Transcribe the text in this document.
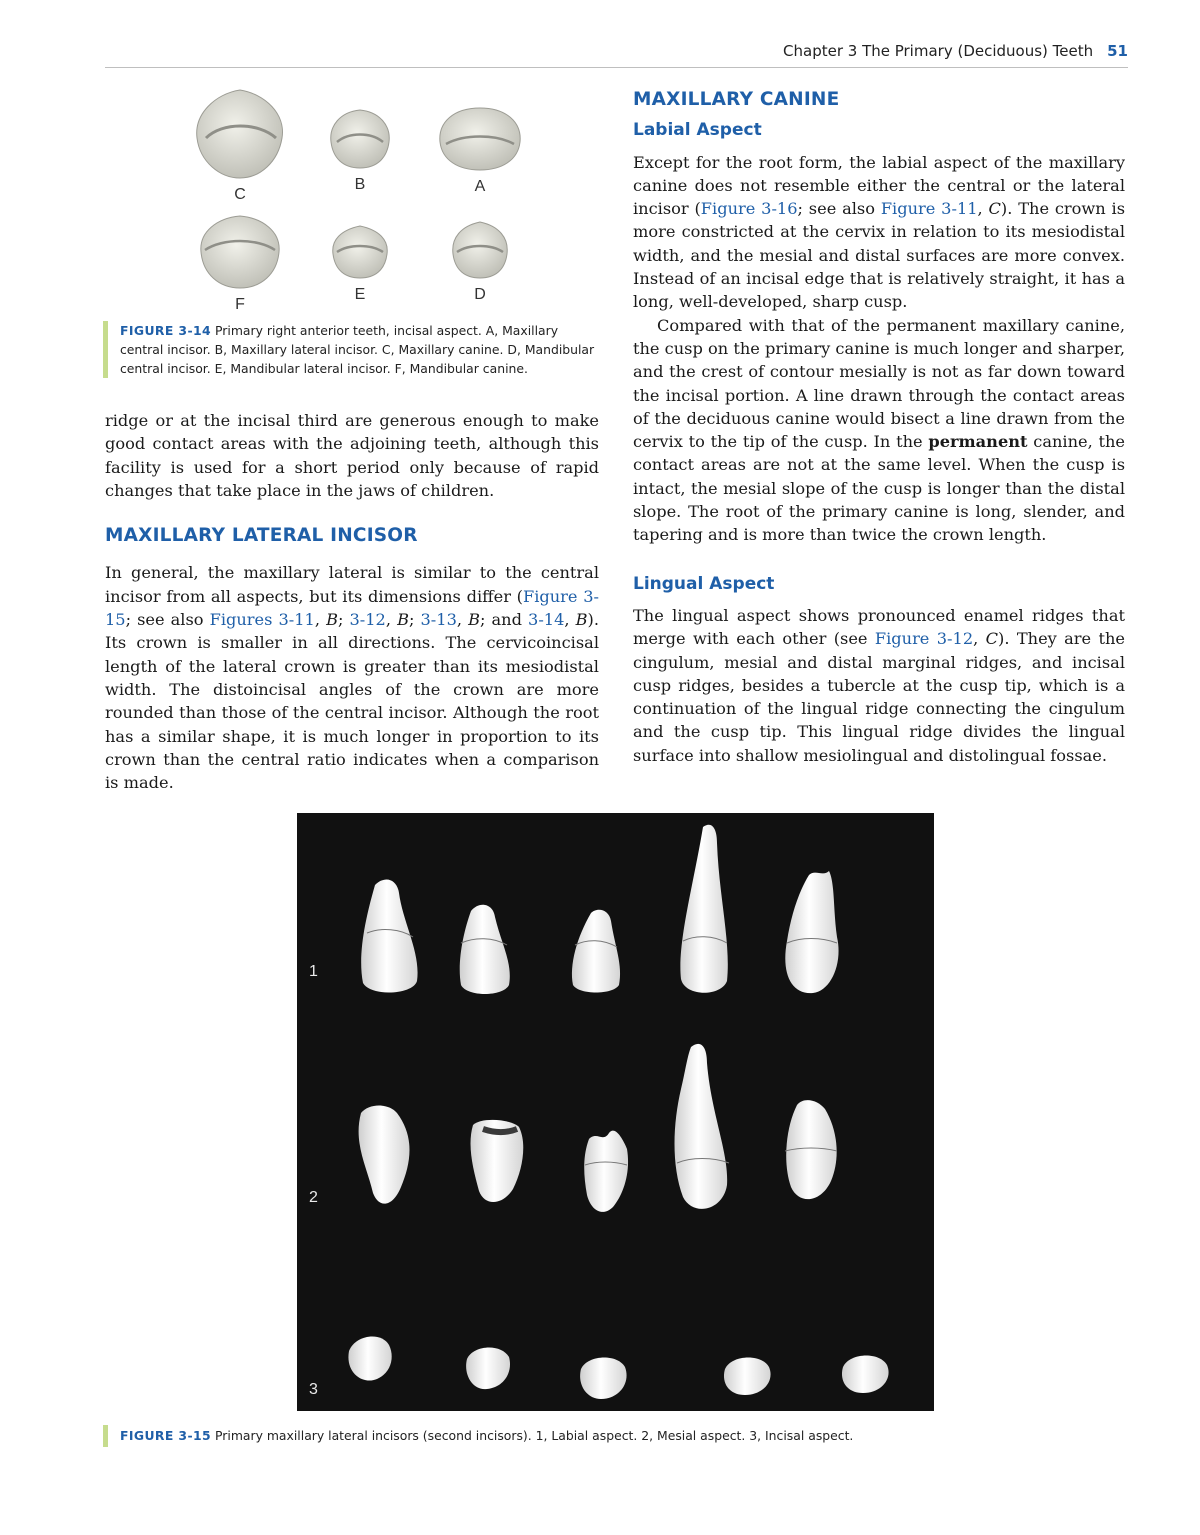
Chapter 3 The Primary (Deciduous) Teeth 51
C
B	A
F
E	D
FIGURE 3-14 Primary right anterior teeth, incisal aspect. A, Maxillary central incisor. B, Maxillary lateral incisor. C, Maxillary canine. D, Mandibular central incisor. E, Mandibular lateral incisor. F, Mandibular canine.

ridge or at the incisal third are generous enough to make good contact areas with the adjoining teeth, although this facility is used for a short period only because of rapid changes that take place in the jaws of children.

MAXILLARY LATERAL INCISOR

In general, the maxillary lateral is similar to the central incisor from all aspects, but its dimensions differ (Figure 3-15; see also Figures 3-11, B; 3-12, B; 3-13, B; and 3-14, B). Its crown is smaller in all directions. The cervicoincisal length of the lateral crown is greater than its mesiodistal width. The distoincisal angles of the crown are more rounded than those of the central incisor. Although the root has a similar shape, it is much longer in proportion to its crown than the central ratio indicates when a comparison is made.

MAXILLARY CANINE
Labial Aspect

Except for the root form, the labial aspect of the maxillary canine does not resemble either the central or the lateral incisor (Figure 3-16; see also Figure 3-11, C). The crown is more constricted at the cervix in relation to its mesiodistal width, and the mesial and distal surfaces are more convex. Instead of an incisal edge that is relatively straight, it has a long, well-developed, sharp cusp.

Compared with that of the permanent maxillary canine, the cusp on the primary canine is much longer and sharper, and the crest of contour mesially is not as far down toward the incisal portion. A line drawn through the contact areas of the deciduous canine would bisect a line drawn from the cervix to the tip of the cusp. In the permanent canine, the contact areas are not at the same level. When the cusp is intact, the mesial slope of the cusp is longer than the distal slope. The root of the primary canine is long, slender, and tapering and is more than twice the crown length.

Lingual Aspect

The lingual aspect shows pronounced enamel ridges that merge with each other (see Figure 3-12, C). They are the cingulum, mesial and distal marginal ridges, and incisal cusp ridges, besides a tubercle at the cusp tip, which is a continuation of the lingual ridge connecting the cingulum and the cusp tip. This lingual ridge divides the lingual surface into shallow mesiolingual and distolingual fossae.

1
2
3
FIGURE 3-15 Primary maxillary lateral incisors (second incisors). 1, Labial aspect. 2, Mesial aspect. 3, Incisal aspect.
